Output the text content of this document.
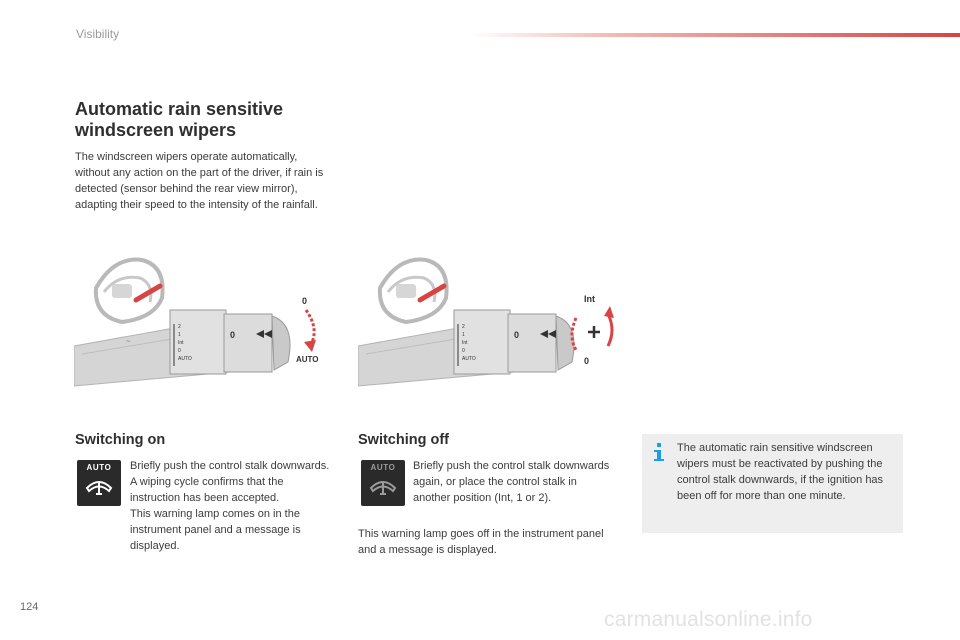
Visibility
Automatic rain sensitive windscreen wipers

The windscreen wipers operate automatically, without any action on the part of the driver, if rain is detected (sensor behind the rear view mirror), adapting their speed to the intensity of the rainfall.

~
2
1
Int
0
AUTO
0
0
AUTO
2
1
Int
0
AUTO
0
Int
0
Switching on
AUTO	Briefly push the control stalk downwards.

A wiping cycle confirms that the instruction has been accepted.

This warning lamp comes on in the instrument panel and a message is displayed.

Switching off
AUTO	Briefly push the control stalk downwards again, or place the control stalk in another position (Int, 1 or 2).

This warning lamp goes off in the instrument panel and a message is displayed.

The automatic rain sensitive windscreen wipers must be reactivated by pushing the control stalk downwards, if the ignition has been off for more than one minute.

124
carmanualsonline.info
